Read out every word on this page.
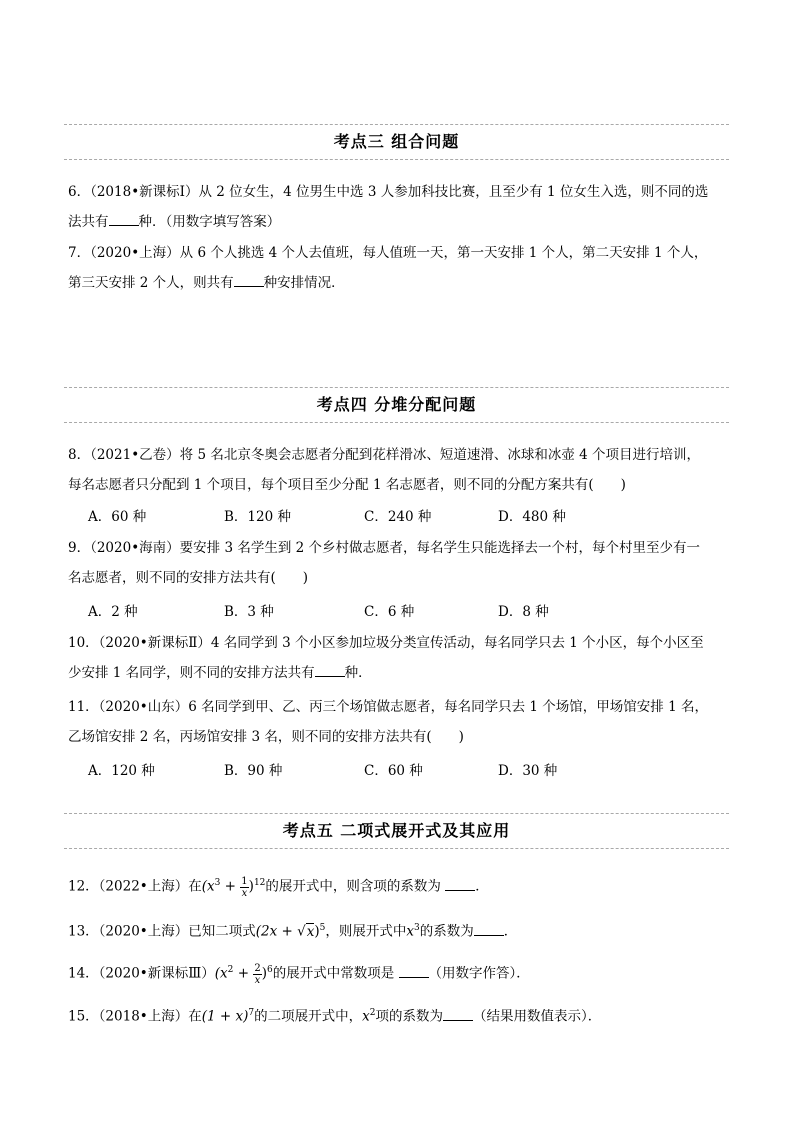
考点三 组合问题

6．（2018•新课标Ⅰ）从 2 位女生，4 位男生中选 3 人参加科技比赛，且至少有 1 位女生入选，则不同的选

法共有 种．（用数字填写答案）

7．（2020•上海）从 6 个人挑选 4 个人去值班，每人值班一天，第一天安排 1 个人，第二天安排 1 个人，

第三天安排 2 个人，则共有 种安排情况．

考点四 分堆分配问题

8．（2021•乙卷）将 5 名北京冬奥会志愿者分配到花样滑冰、短道速滑、冰球和冰壶 4 个项目进行培训，

每名志愿者只分配到 1 个项目，每个项目至少分配 1 名志愿者，则不同的分配方案共有(　　)

A．60 种	B．120 种	C．240 种	D．480 种

9．（2020•海南）要安排 3 名学生到 2 个乡村做志愿者，每名学生只能选择去一个村，每个村里至少有一

名志愿者，则不同的安排方法共有(　　)

A．2 种	B．3 种	C．6 种	D．8 种

10．（2020•新课标Ⅱ）4 名同学到 3 个小区参加垃圾分类宣传活动，每名同学只去 1 个小区，每个小区至

少安排 1 名同学，则不同的安排方法共有 种．

11．（2020•山东）6 名同学到甲、乙、丙三个场馆做志愿者，每名同学只去 1 个场馆，甲场馆安排 1 名，

乙场馆安排 2 名，丙场馆安排 3 名，则不同的安排方法共有(　　)

A．120 种	B．90 种	C．60 种	D．30 种
考点五 二项式展开式及其应用

12．（2022•上海）在$(x^3 + \frac{1}{x} )^{12}$的展开式中，则含项的系数为	．

13．（2020•上海）已知二项式$(2x + √x)^5$，则展开式中$x^3$的系数为 ．

14．（2020•新课标$Ⅲ)(x^2 + \frac{2}{x} )^6$的展开式中常数项是	（用数字作答）．

15．（2018•上海）在$(1 + x)^7$的二项展开式中，$x^2$项的系数为 （结果用数值表示）．
